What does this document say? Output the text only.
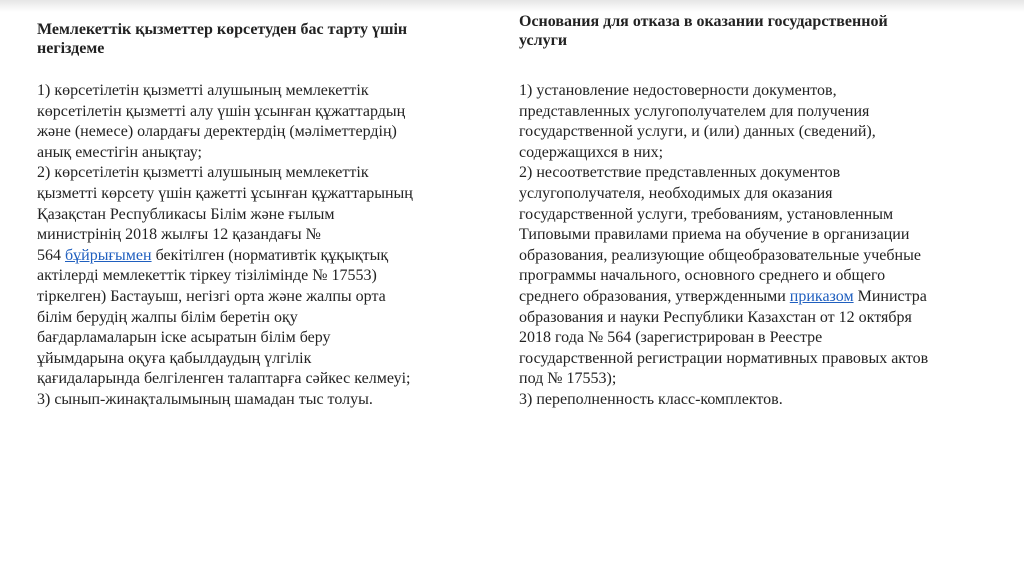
Мемлекеттік қызметтер көрсетуден бас тарту үшін
негіздеме
1) көрсетілетін қызметті алушының мемлекеттік
көрсетілетін қызметті алу үшін ұсынған құжаттардың
және (немесе) олардағы деректердің (мәліметтердің)
анық еместігін анықтау;
2) көрсетілетін қызметті алушының мемлекеттік
қызметті көрсету үшін қажетті ұсынған құжаттарының
Қазақстан Республикасы Білім және ғылым
министрінің 2018 жылғы 12 қазандағы №
564 бұйрығымен бекітілген (нормативтік құқықтық
актілерді мемлекеттік тіркеу тізілімінде № 17553)
тіркелген) Бастауыш, негізгі орта және жалпы орта
білім берудің жалпы білім беретін оқу
бағдарламаларын іске асыратын білім беру
ұйымдарына оқуға қабылдаудың үлгілік
қағидаларында белгіленген талаптарға сәйкес келмеуі;
3) сынып-жинақталымының шамадан тыс толуы.
Основания для отказа в оказании государственной
услуги
1) установление недостоверности документов,
представленных услугополучателем для получения
государственной услуги, и (или) данных (сведений),
содержащихся в них;
2) несоответствие представленных документов
услугополучателя, необходимых для оказания
государственной услуги, требованиям, установленным
Типовыми правилами приема на обучение в организации
образования, реализующие общеобразовательные учебные
программы начального, основного среднего и общего
среднего образования, утвержденными приказом Министра
образования и науки Республики Казахстан от 12 октября
2018 года № 564 (зарегистрирован в Реестре
государственной регистрации нормативных правовых актов
под № 17553);
3) переполненность класс-комплектов.
